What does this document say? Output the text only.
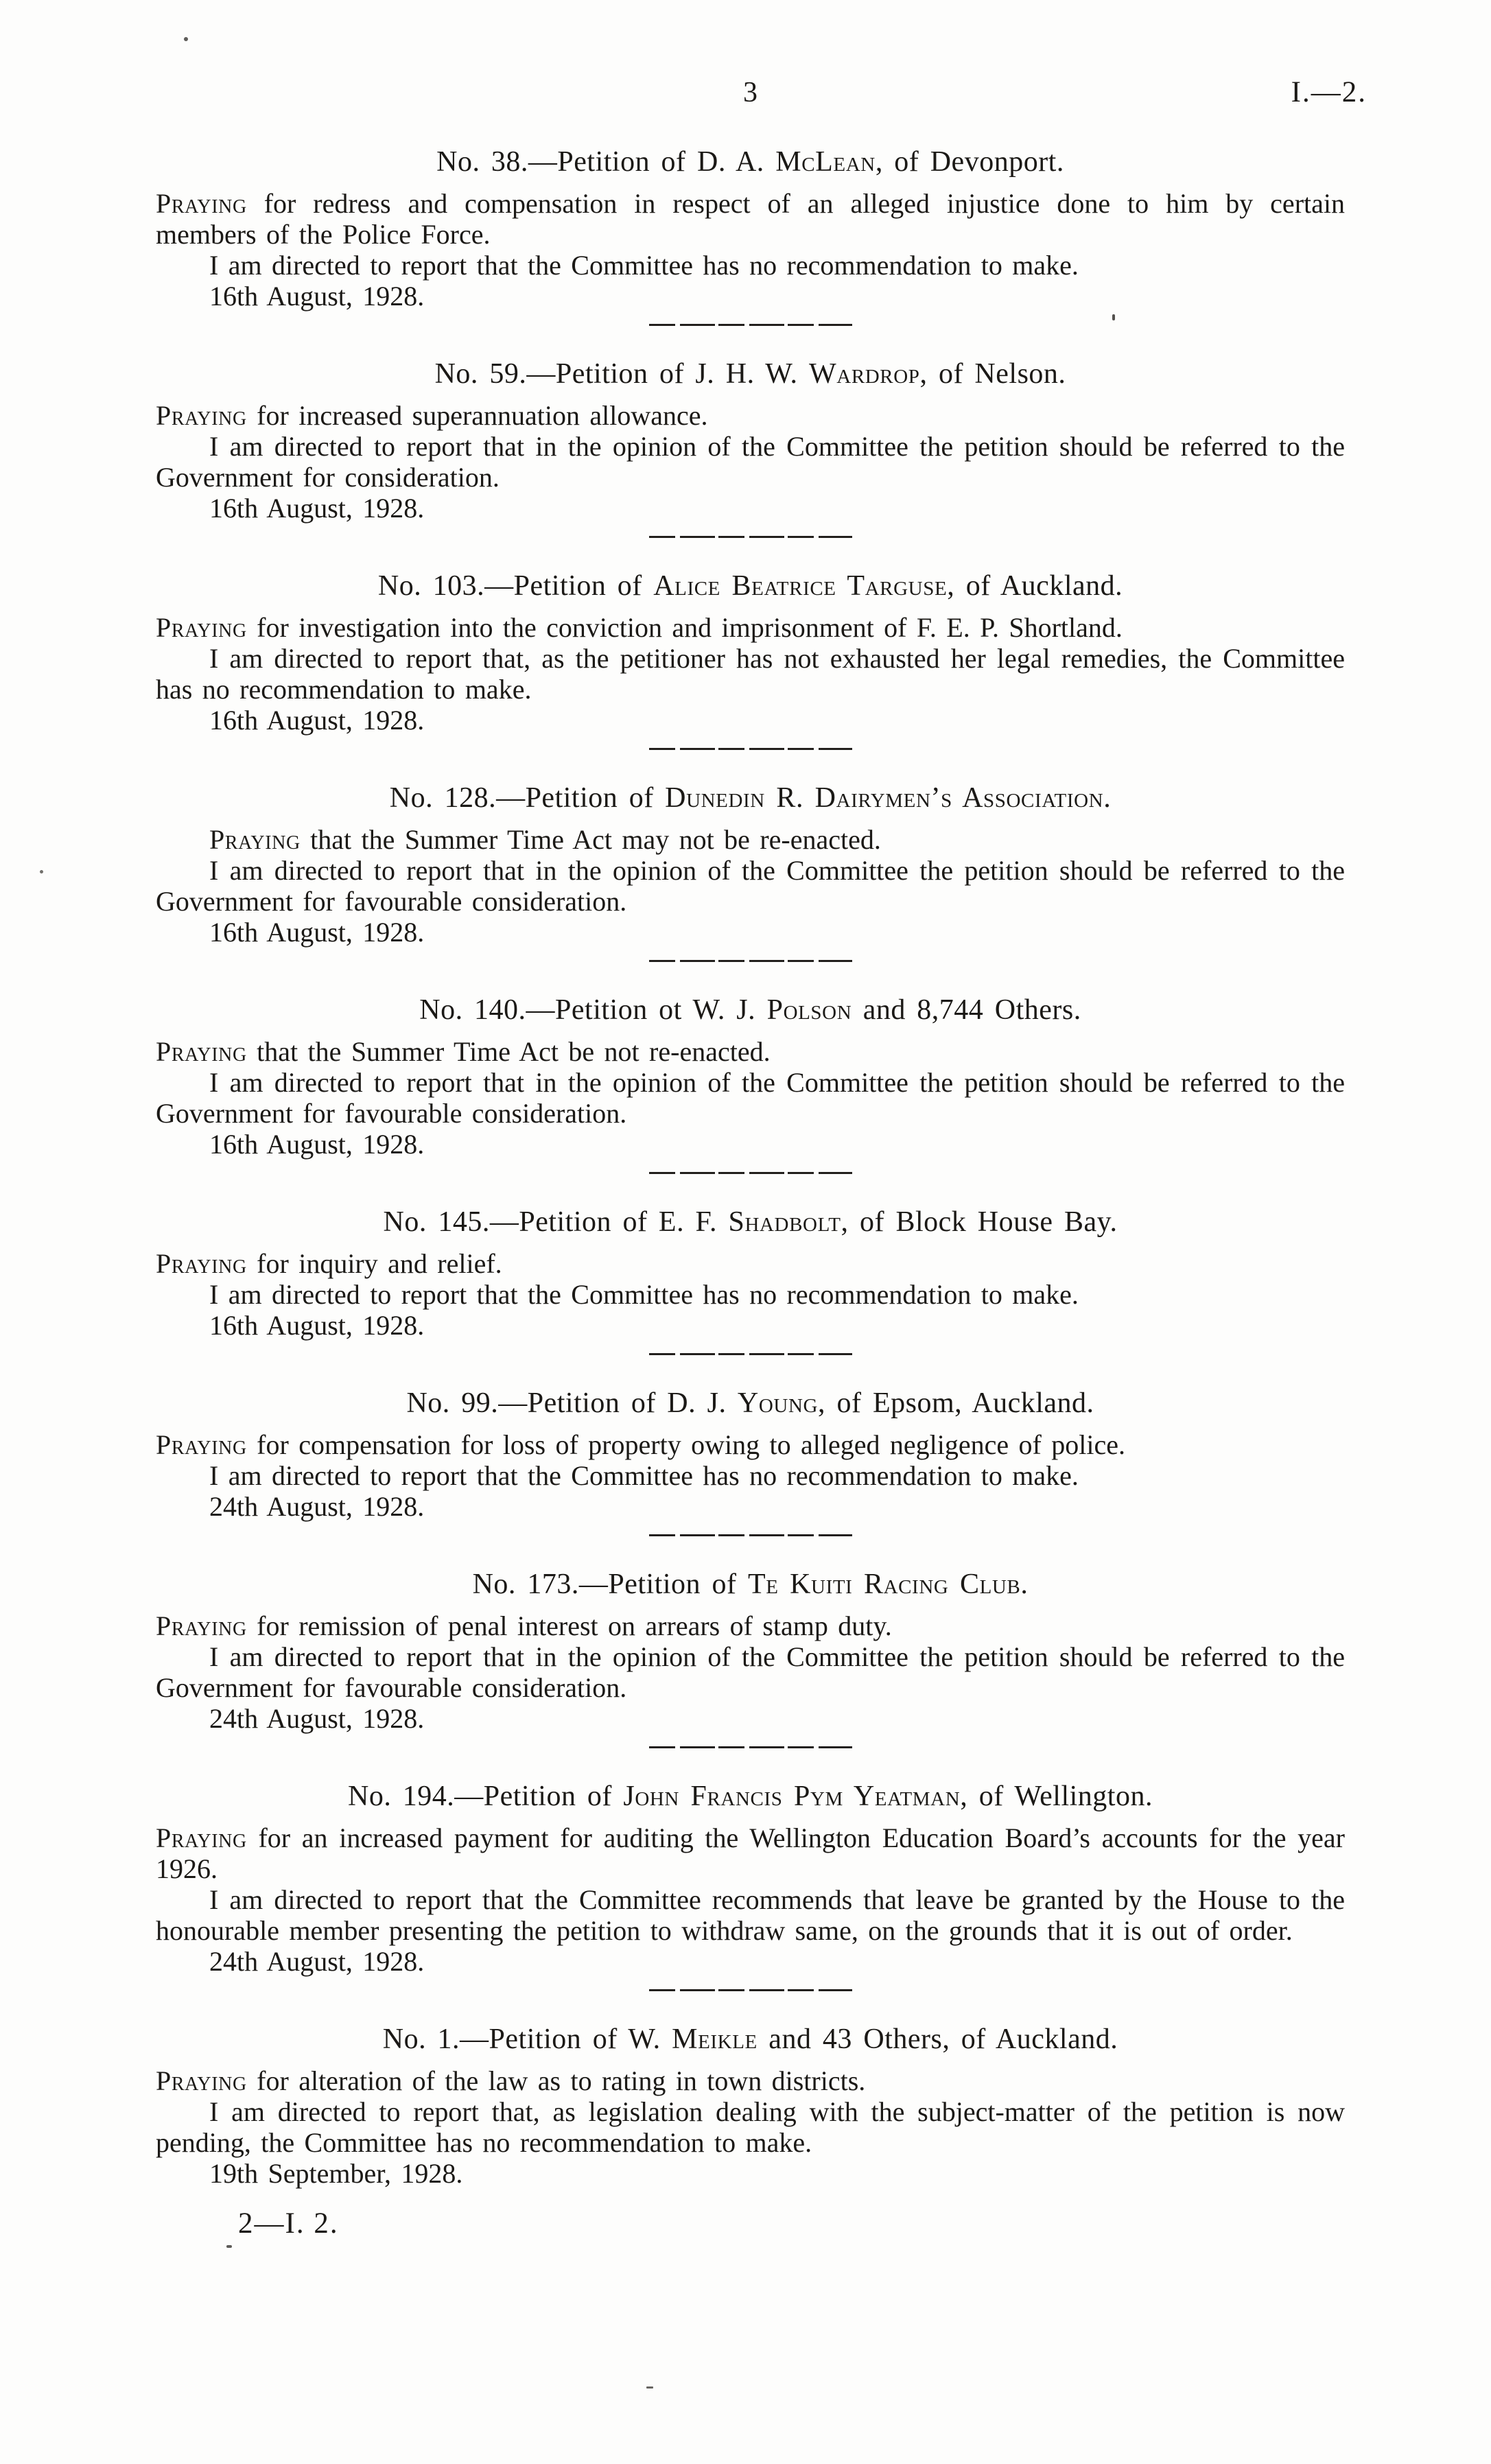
3	I.—2.
No. 38.—Petition of D. A. McLean, of Devonport.

Praying for redress and compensation in respect of an alleged injustice done to him by certain members of the Police Force.

I am directed to report that the Committee has no recommendation to make.

16th August, 1928.

No. 59.—Petition of J. H. W. Wardrop, of Nelson.

Praying for increased superannuation allowance.

I am directed to report that in the opinion of the Committee the petition should be referred to the Government for consideration.

16th August, 1928.

No. 103.—Petition of Alice Beatrice Targuse, of Auckland.

Praying for investigation into the conviction and imprisonment of F. E. P. Shortland.

I am directed to report that, as the petitioner has not exhausted her legal remedies, the Committee has no recommendation to make.

16th August, 1928.

No. 128.—Petition of Dunedin R. Dairymen’s Association.

Praying that the Summer Time Act may not be re-enacted.

I am directed to report that in the opinion of the Committee the petition should be referred to the Government for favourable consideration.

16th August, 1928.

No. 140.—Petition ot W. J. Polson and 8,744 Others.

Praying that the Summer Time Act be not re-enacted.

I am directed to report that in the opinion of the Committee the petition should be referred to the Government for favourable consideration.

16th August, 1928.

No. 145.—Petition of E. F. Shadbolt, of Block House Bay.

Praying for inquiry and relief.

I am directed to report that the Committee has no recommendation to make.

16th August, 1928.

No. 99.—Petition of D. J. Young, of Epsom, Auckland.

Praying for compensation for loss of property owing to alleged negligence of police.

I am directed to report that the Committee has no recommendation to make.

24th August, 1928.

No. 173.—Petition of Te Kuiti Racing Club.

Praying for remission of penal interest on arrears of stamp duty.

I am directed to report that in the opinion of the Committee the petition should be referred to the Government for favourable consideration.

24th August, 1928.

No. 194.—Petition of John Francis Pym Yeatman, of Wellington.

Praying for an increased payment for auditing the Wellington Education Board’s accounts for the year 1926.

I am directed to report that the Committee recommends that leave be granted by the House to the honourable member presenting the petition to withdraw same, on the grounds that it is out of order.

24th August, 1928.

No. 1.—Petition of W. Meikle and 43 Others, of Auckland.

Praying for alteration of the law as to rating in town districts.

I am directed to report that, as legislation dealing with the subject-matter of the petition is now pending, the Committee has no recommendation to make.

19th September, 1928.

2—I. 2.
